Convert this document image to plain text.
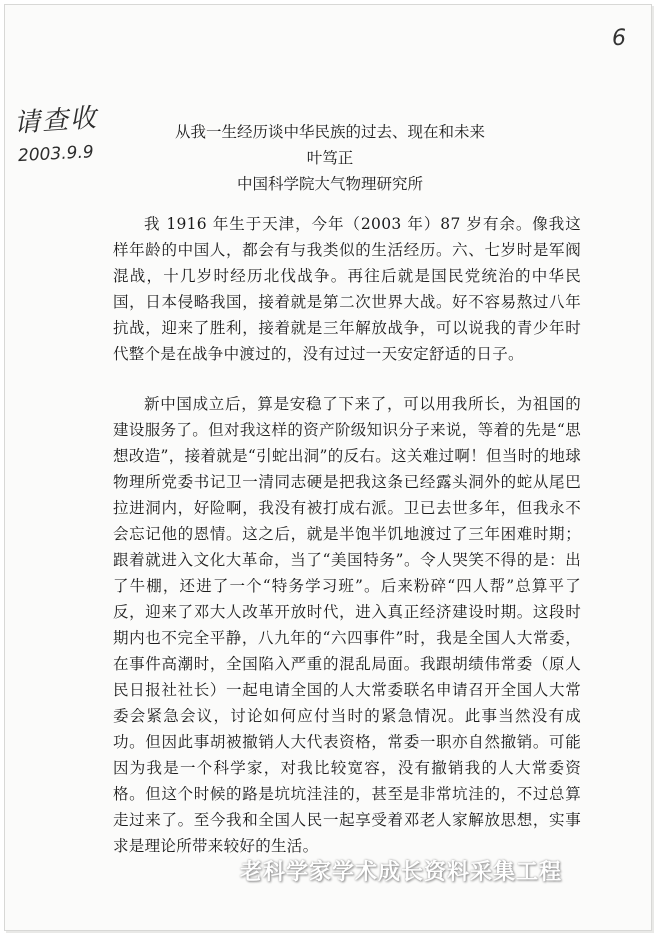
6
请查收
2003.9.9
从我一生经历谈中华民族的过去、现在和未来
叶笃正
中国科学院大气物理研究所

我 1916 年生于天津，今年（2003 年）87 岁有余。像我这样年龄的中国人，都会有与我类似的生活经历。六、七岁时是军阀混战，十几岁时经历北伐战争。再往后就是国民党统治的中华民国，日本侵略我国，接着就是第二次世界大战。好不容易熬过八年抗战，迎来了胜利，接着就是三年解放战争，可以说我的青少年时代整个是在战争中渡过的，没有过过一天安定舒适的日子。

新中国成立后，算是安稳了下来了，可以用我所长，为祖国的建设服务了。但对我这样的资产阶级知识分子来说，等着的先是“思想改造”，接着就是“引蛇出洞”的反右。这关难过啊！但当时的地球物理所党委书记卫一清同志硬是把我这条已经露头洞外的蛇从尾巴拉进洞内，好险啊，我没有被打成右派。卫已去世多年，但我永不会忘记他的恩情。这之后，就是半饱半饥地渡过了三年困难时期；跟着就进入文化大革命，当了“美国特务”。令人哭笑不得的是：出了牛棚，还进了一个“特务学习班”。后来粉碎“四人帮”总算平了反，迎来了邓大人改革开放时代，进入真正经济建设时期。这段时期内也不完全平静，八九年的“六四事件”时，我是全国人大常委，在事件高潮时，全国陷入严重的混乱局面。我跟胡绩伟常委（原人民日报社社长）一起电请全国的人大常委联名申请召开全国人大常委会紧急会议，讨论如何应付当时的紧急情况。此事当然没有成功。但因此事胡被撤销人大代表资格，常委一职亦自然撤销。可能因为我是一个科学家，对我比较宽容，没有撤销我的人大常委资格。但这个时候的路是坑坑洼洼的，甚至是非常坑洼的，不过总算走过来了。至今我和全国人民一起享受着邓老人家解放思想，实事求是理论所带来较好的生活。

老科学家学术成长资料采集工程
